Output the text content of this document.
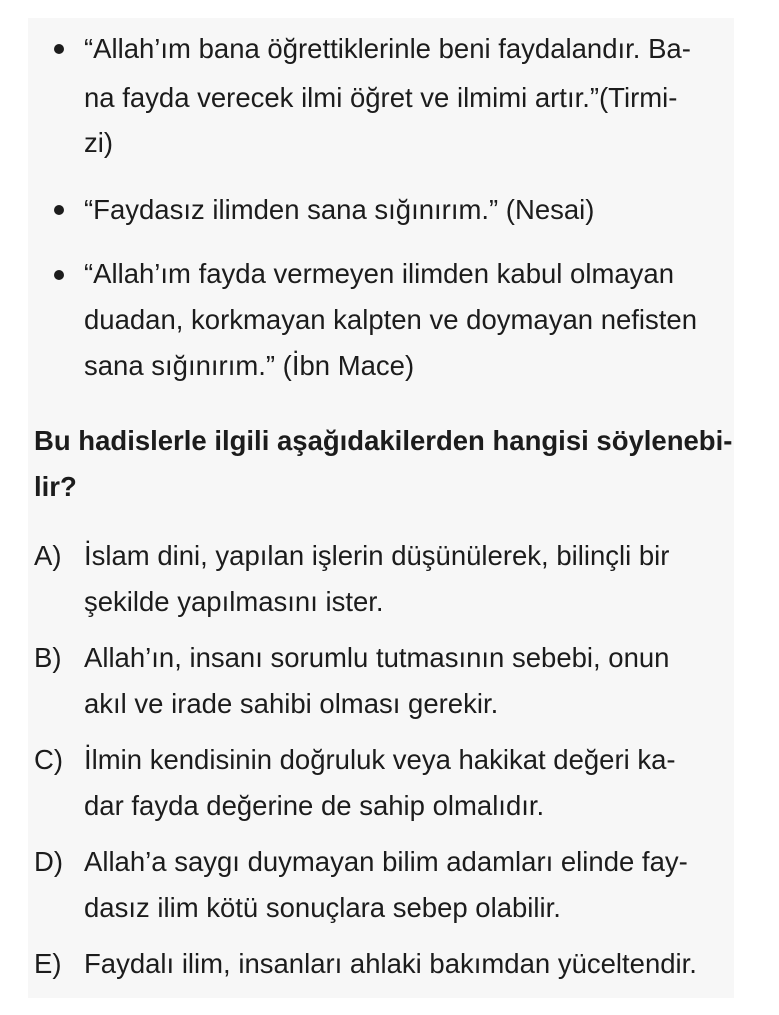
“Allah’ım bana öğrettiklerinle beni faydalandır. Ba-
na fayda verecek ilmi öğret ve ilmimi artır.”(Tirmi-
zi)
“Faydasız ilimden sana sığınırım.” (Nesai)
“Allah’ım fayda vermeyen ilimden kabul olmayan
duadan, korkmayan kalpten ve doymayan nefisten
sana sığınırım.” (İbn Mace)
Bu hadislerle ilgili aşağıdakilerden hangisi söylenebi-
lir?
A) İslam dini, yapılan işlerin düşünülerek, bilinçli bir
şekilde yapılmasını ister.
B) Allah’ın, insanı sorumlu tutmasının sebebi, onun
akıl ve irade sahibi olması gerekir.
C) İlmin kendisinin doğruluk veya hakikat değeri ka-
dar fayda değerine de sahip olmalıdır.
D) Allah’a saygı duymayan bilim adamları elinde fay-
dasız ilim kötü sonuçlara sebep olabilir.
E) Faydalı ilim, insanları ahlaki bakımdan yüceltendir.
